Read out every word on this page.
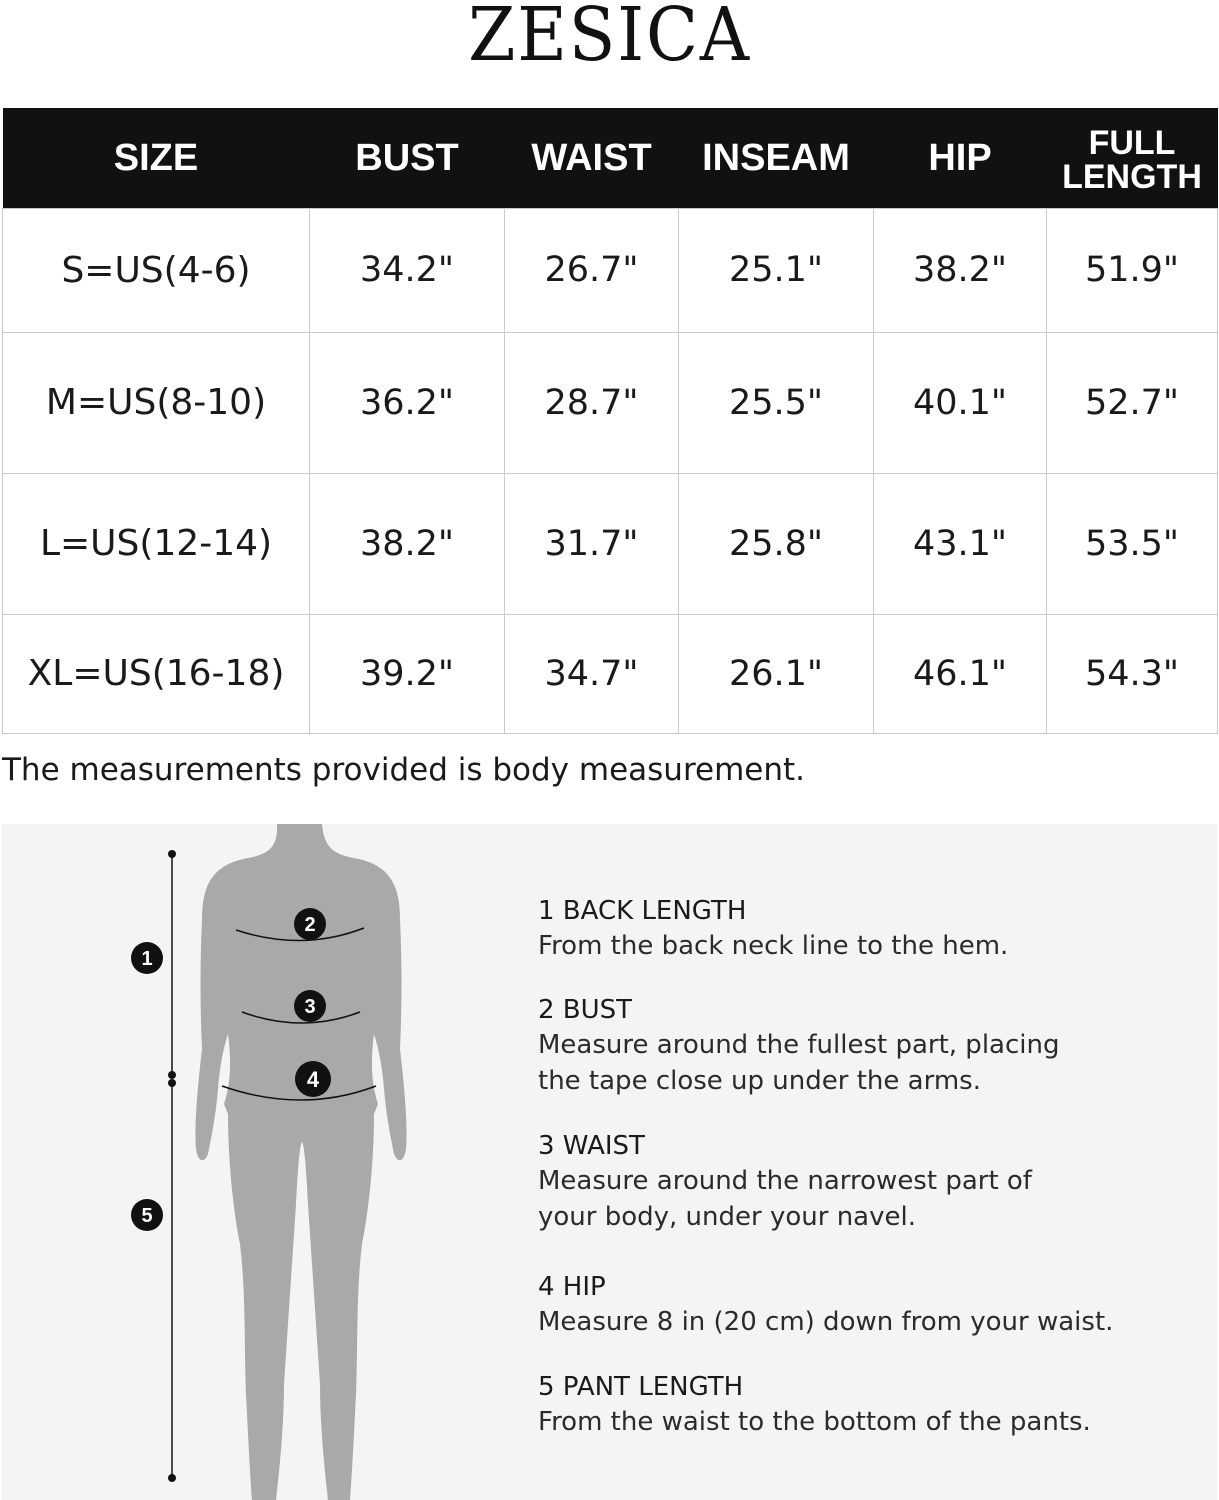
ZESICA
SIZE	BUST	WAIST	INSEAM	HIP	FULL
LENGTH
S=US(4-6)	34.2"	26.7"	25.1"	38.2"	51.9"
M=US(8-10)	36.2"	28.7"	25.5"	40.1"	52.7"
L=US(12-14)	38.2"	31.7"	25.8"	43.1"	53.5"
XL=US(16-18)	39.2"	34.7"	26.1"	46.1"	54.3"
The measurements provided is body measurement.
1
2
3
4
5
1 BACK LENGTH
From the back neck line to the hem.
2 BUST
Measure around the fullest part, placing
the tape close up under the arms.
3 WAIST
Measure around the narrowest part of
your body, under your navel.
4 HIP
Measure 8 in (20 cm) down from your waist.
5 PANT LENGTH
From the waist to the bottom of the pants.
